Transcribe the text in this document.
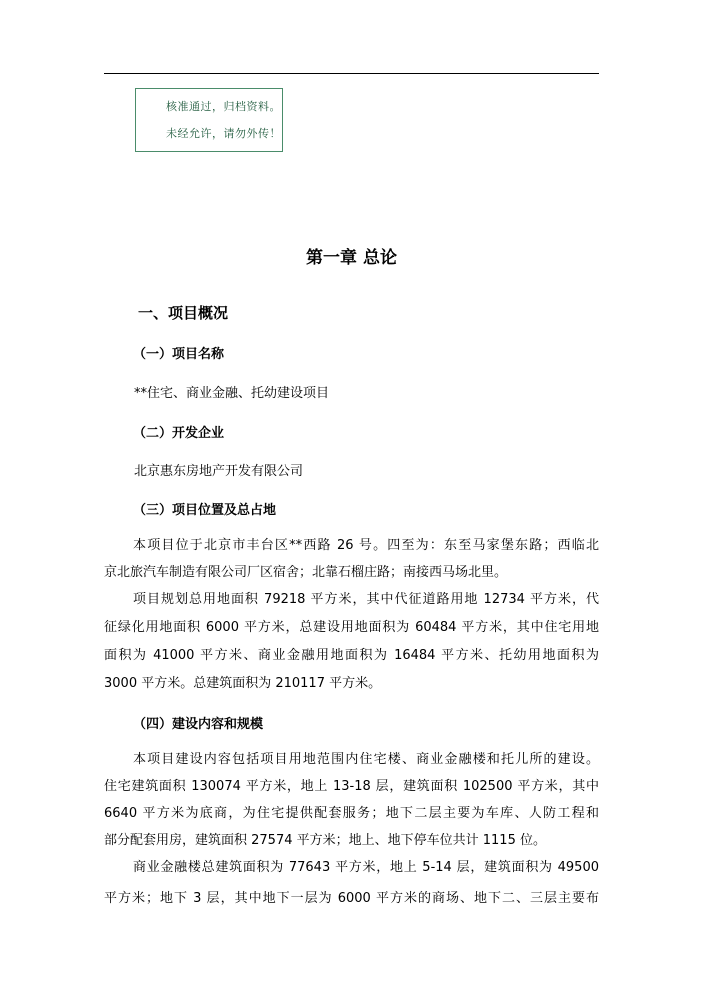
核准通过，归档资料。
未经允许，请勿外传！
第一章 总论
一、项目概况
（一）项目名称
**住宅、商业金融、托幼建设项目
（二）开发企业
北京惠东房地产开发有限公司
（三）项目位置及总占地
本项目位于北京市丰台区**西路 26 号。四至为：东至马家堡东路；西临北
京北旅汽车制造有限公司厂区宿舍；北靠石榴庄路；南接西马场北里。
项目规划总用地面积 79218 平方米，其中代征道路用地 12734 平方米，代
征绿化用地面积 6000 平方米，总建设用地面积为 60484 平方米，其中住宅用地
面积为 41000 平方米、商业金融用地面积为 16484 平方米、托幼用地面积为
3000 平方米。总建筑面积为 210117 平方米。
（四）建设内容和规模
本项目建设内容包括项目用地范围内住宅楼、商业金融楼和托儿所的建设。
住宅建筑面积 130074 平方米，地上 13-18 层，建筑面积 102500 平方米，其中
6640 平方米为底商，为住宅提供配套服务；地下二层主要为车库、人防工程和
部分配套用房，建筑面积 27574 平方米；地上、地下停车位共计 1115 位。
商业金融楼总建筑面积为 77643 平方米，地上 5-14 层，建筑面积为 49500
平方米；地下 3 层，其中地下一层为 6000 平方米的商场、地下二、三层主要布
